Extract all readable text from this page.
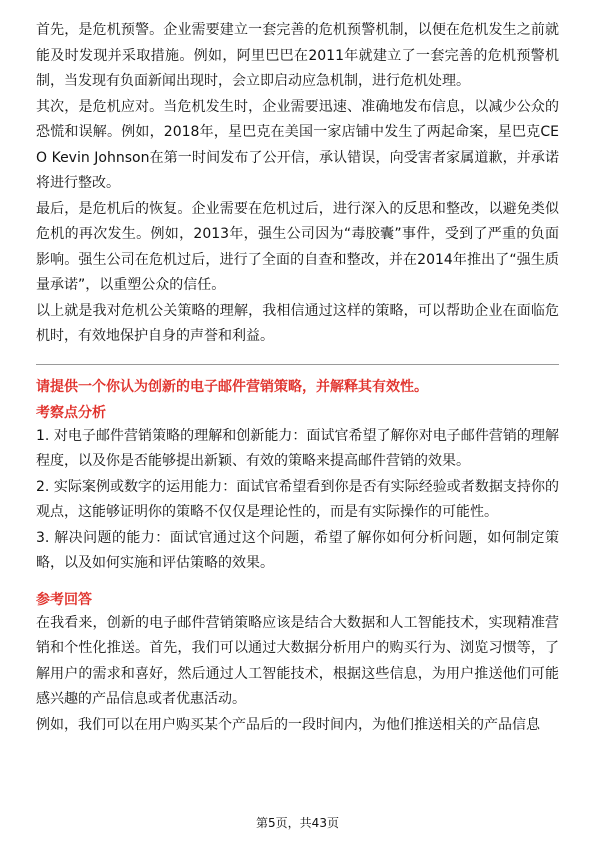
首先，是危机预警。企业需要建立一套完善的危机预警机制，以便在危机发生之前就能及时发现并采取措施。例如，阿里巴巴在2011年就建立了一套完善的危机预警机制，当发现有负面新闻出现时，会立即启动应急机制，进行危机处理。

其次，是危机应对。当危机发生时，企业需要迅速、准确地发布信息，以减少公众的恐慌和误解。例如，2018年，星巴克在美国一家店铺中发生了两起命案，星巴克CEO Kevin Johnson在第一时间发布了公开信，承认错误，向受害者家属道歉，并承诺将进行整改。

最后，是危机后的恢复。企业需要在危机过后，进行深入的反思和整改，以避免类似危机的再次发生。例如，2013年，强生公司因为“毒胶囊”事件，受到了严重的负面影响。强生公司在危机过后，进行了全面的自查和整改，并在2014年推出了“强生质量承诺”，以重塑公众的信任。

以上就是我对危机公关策略的理解，我相信通过这样的策略，可以帮助企业在面临危机时，有效地保护自身的声誉和利益。

请提供一个你认为创新的电子邮件营销策略，并解释其有效性。

考察点分析

1. 对电子邮件营销策略的理解和创新能力：面试官希望了解你对电子邮件营销的理解程度，以及你是否能够提出新颖、有效的策略来提高邮件营销的效果。

2. 实际案例或数字的运用能力：面试官希望看到你是否有实际经验或者数据支持你的观点，这能够证明你的策略不仅仅是理论性的，而是有实际操作的可能性。

3. 解决问题的能力：面试官通过这个问题，希望了解你如何分析问题，如何制定策略，以及如何实施和评估策略的效果。

参考回答

在我看来，创新的电子邮件营销策略应该是结合大数据和人工智能技术，实现精准营销和个性化推送。首先，我们可以通过大数据分析用户的购买行为、浏览习惯等，了解用户的需求和喜好，然后通过人工智能技术，根据这些信息，为用户推送他们可能感兴趣的产品信息或者优惠活动。

例如，我们可以在用户购买某个产品后的一段时间内，为他们推送相关的产品信息

第5页，共43页
